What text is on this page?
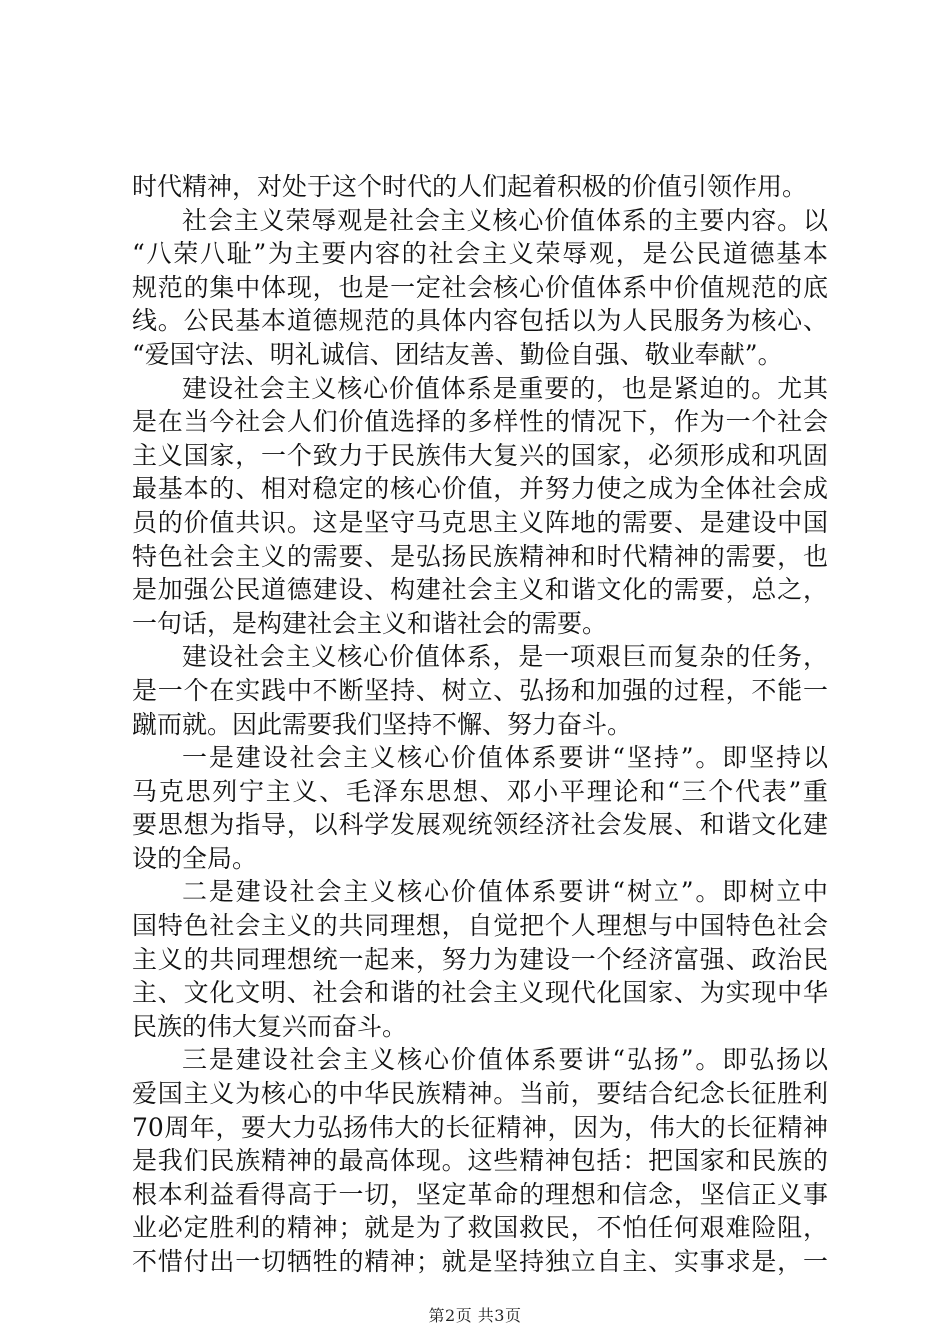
时代精神，对处于这个时代的人们起着积极的价值引领作用。
社会主义荣辱观是社会主义核心价值体系的主要内容。以
“八荣八耻”为主要内容的社会主义荣辱观，是公民道德基本
规范的集中体现，也是一定社会核心价值体系中价值规范的底
线。公民基本道德规范的具体内容包括以为人民服务为核心、
“爱国守法、明礼诚信、团结友善、勤俭自强、敬业奉献”。
建设社会主义核心价值体系是重要的，也是紧迫的。尤其
是在当今社会人们价值选择的多样性的情况下，作为一个社会
主义国家，一个致力于民族伟大复兴的国家，必须形成和巩固
最基本的、相对稳定的核心价值，并努力使之成为全体社会成
员的价值共识。这是坚守马克思主义阵地的需要、是建设中国
特色社会主义的需要、是弘扬民族精神和时代精神的需要，也
是加强公民道德建设、构建社会主义和谐文化的需要，总之，
一句话，是构建社会主义和谐社会的需要。
建设社会主义核心价值体系，是一项艰巨而复杂的任务，
是一个在实践中不断坚持、树立、弘扬和加强的过程，不能一
蹴而就。因此需要我们坚持不懈、努力奋斗。
一是建设社会主义核心价值体系要讲“坚持”。即坚持以
马克思列宁主义、毛泽东思想、邓小平理论和“三个代表”重
要思想为指导，以科学发展观统领经济社会发展、和谐文化建
设的全局。
二是建设社会主义核心价值体系要讲“树立”。即树立中
国特色社会主义的共同理想，自觉把个人理想与中国特色社会
主义的共同理想统一起来，努力为建设一个经济富强、政治民
主、文化文明、社会和谐的社会主义现代化国家、为实现中华
民族的伟大复兴而奋斗。
三是建设社会主义核心价值体系要讲“弘扬”。即弘扬以
爱国主义为核心的中华民族精神。当前，要结合纪念长征胜利
70周年，要大力弘扬伟大的长征精神，因为，伟大的长征精神
是我们民族精神的最高体现。这些精神包括：把国家和民族的
根本利益看得高于一切，坚定革命的理想和信念，坚信正义事
业必定胜利的精神；就是为了救国救民，不怕任何艰难险阻，
不惜付出一切牺牲的精神；就是坚持独立自主、实事求是，一
第2页 共3页
